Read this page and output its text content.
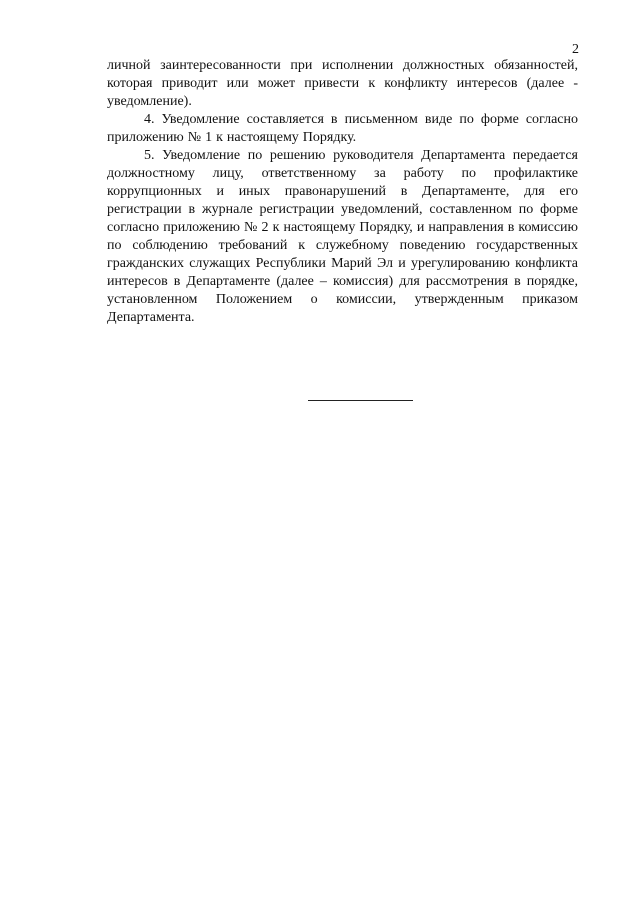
2

личной заинтересованности при исполнении должностных обязанностей, которая приводит или может привести к конфликту интересов (далее - уведомление).

4. Уведомление составляется в письменном виде по форме согласно приложению № 1 к настоящему Порядку.

5. Уведомление по решению руководителя Департамента передается должностному лицу, ответственному за работу по профилактике коррупционных и иных правонарушений в Департаменте, для его регистрации в журнале регистрации уведомлений, составленном по форме согласно приложению № 2 к настоящему Порядку, и направления в комиссию по соблюдению требований к служебному поведению государственных гражданских служащих Республики Марий Эл и урегулированию конфликта интересов в Департаменте (далее – комиссия) для рассмотрения в порядке, установленном Положением о комиссии, утвержденным приказом Департамента.
